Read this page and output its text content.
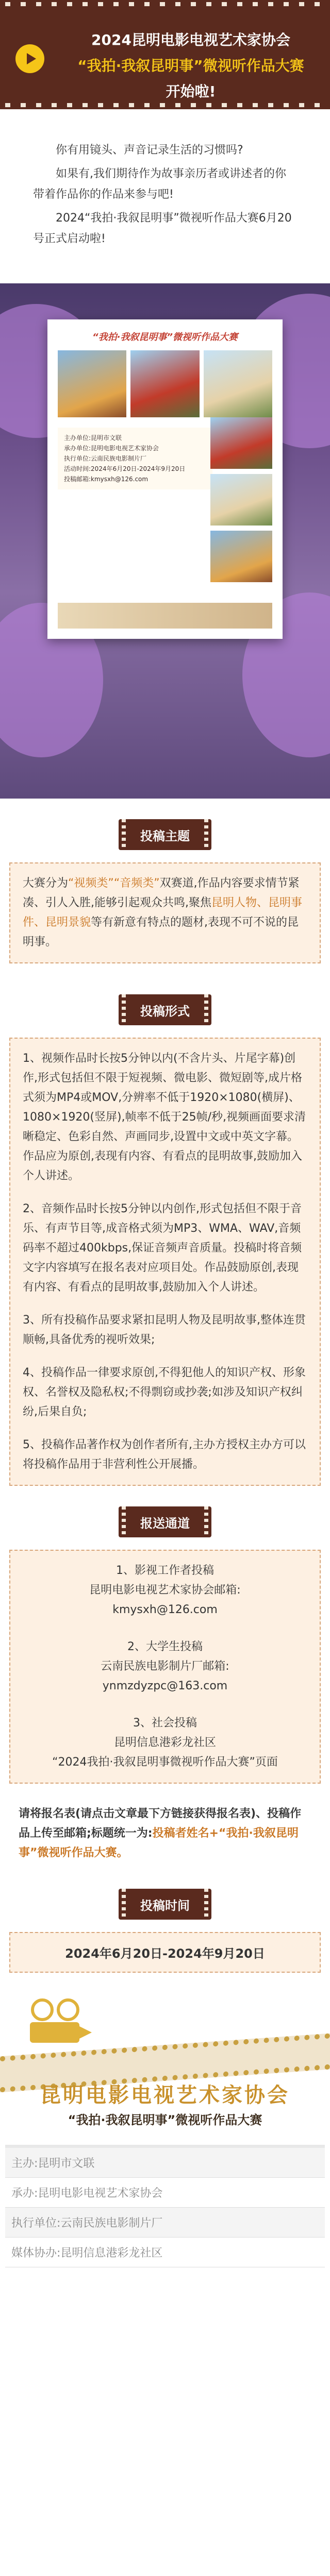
2024昆明电影电视艺术家协会
“我拍·我叙昆明事”微视听作品大赛
开始啦!

你有用镜头、声音记录生活的习惯吗?

如果有,我们期待作为故事亲历者或讲述者的你带着作品你的作品来参与吧!

2024“我拍·我叙昆明事”微视听作品大赛6月20号正式启动啦!

“我拍·我叙昆明事”微视听作品大赛
主办单位:昆明市文联
承办单位:昆明电影电视艺术家协会
执行单位:云南民族电影制片厂
活动时间:2024年6月20日-2024年9月20日
投稿邮箱:kmysxh@126.com
投稿主题
大赛分为“视频类”“音频类”双赛道,作品内容要求情节紧凑、引人入胜,能够引起观众共鸣,聚焦昆明人物、昆明事件、昆明景貌等有新意有特点的题材,表现不可不说的昆明事。
投稿形式

1、视频作品时长按5分钟以内(不含片头、片尾字幕)创作,形式包括但不限于短视频、微电影、微短剧等,成片格式须为MP4或MOV,分辨率不低于1920×1080(横屏)、1080×1920(竖屏),帧率不低于25帧/秒,视频画面要求清晰稳定、色彩自然、声画同步,设置中文或中英文字幕。作品应为原创,表现有内容、有看点的昆明故事,鼓励加入个人讲述。

2、音频作品时长按5分钟以内创作,形式包括但不限于音乐、有声节目等,成音格式须为MP3、WMA、WAV,音频码率不超过400kbps,保证音频声音质量。投稿时将音频文字内容填写在报名表对应项目处。作品鼓励原创,表现有内容、有看点的昆明故事,鼓励加入个人讲述。

3、所有投稿作品要求紧扣昆明人物及昆明故事,整体连贯顺畅,具备优秀的视听效果;

4、投稿作品一律要求原创,不得犯他人的知识产权、形象权、名誉权及隐私权;不得剽窃或抄袭;如涉及知识产权纠纷,后果自负;

5、投稿作品著作权为创作者所有,主办方授权主办方可以将投稿作品用于非营利性公开展播。

报送通道
1、影视工作者投稿
昆明电影电视艺术家协会邮箱:
kmysxh@126.com
2、大学生投稿
云南民族电影制片厂邮箱:
ynmzdyzpc@163.com
3、社会投稿
昆明信息港彩龙社区
“2024我拍·我叙昆明事微视听作品大赛”页面
请将报名表(请点击文章最下方链接获得报名表)、投稿作品上传至邮箱;标题统一为:投稿者姓名+“我拍·我叙昆明事”微视听作品大赛。
投稿时间
2024年6月20日-2024年9月20日
昆明电影电视艺术家协会
“我拍·我叙昆明事”微视听作品大赛
主办: 昆明市文联
承办: 昆明电影电视艺术家协会
执行单位: 云南民族电影制片厂
媒体协办: 昆明信息港彩龙社区
